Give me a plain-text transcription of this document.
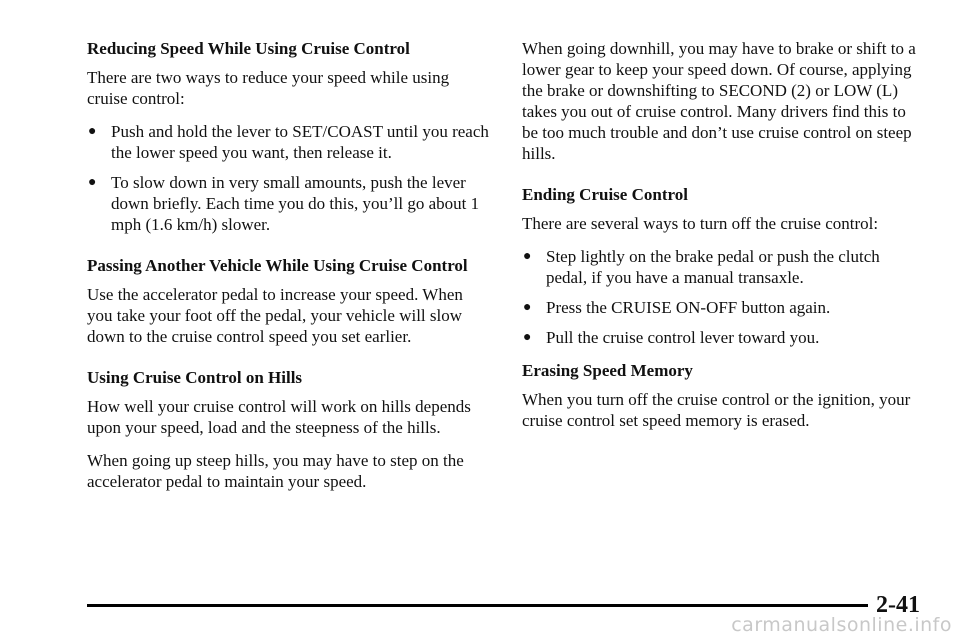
Reducing Speed While Using Cruise Control

There are two ways to reduce your speed while using cruise control:

● Push and hold the lever to SET/COAST until you reach the lower speed you want, then release it.
● To slow down in very small amounts, push the lever down briefly. Each time you do this, you’ll go about 1 mph (1.6 km/h) slower.
Passing Another Vehicle While Using Cruise Control

Use the accelerator pedal to increase your speed. When you take your foot off the pedal, your vehicle will slow down to the cruise control speed you set earlier.

Using Cruise Control on Hills

How well your cruise control will work on hills depends upon your speed, load and the steepness of the hills.

When going up steep hills, you may have to step on the accelerator pedal to maintain your speed.

When going downhill, you may have to brake or shift to a lower gear to keep your speed down. Of course, applying the brake or downshifting to SECOND (2) or LOW (L) takes you out of cruise control. Many drivers find this to be too much trouble and don’t use cruise control on steep hills.

Ending Cruise Control

There are several ways to turn off the cruise control:

● Step lightly on the brake pedal or push the clutch pedal, if you have a manual transaxle.
● Press the CRUISE ON-OFF button again.
● Pull the cruise control lever toward you.
Erasing Speed Memory

When you turn off the cruise control or the ignition, your cruise control set speed memory is erased.

2-41
carmanualsonline.info
